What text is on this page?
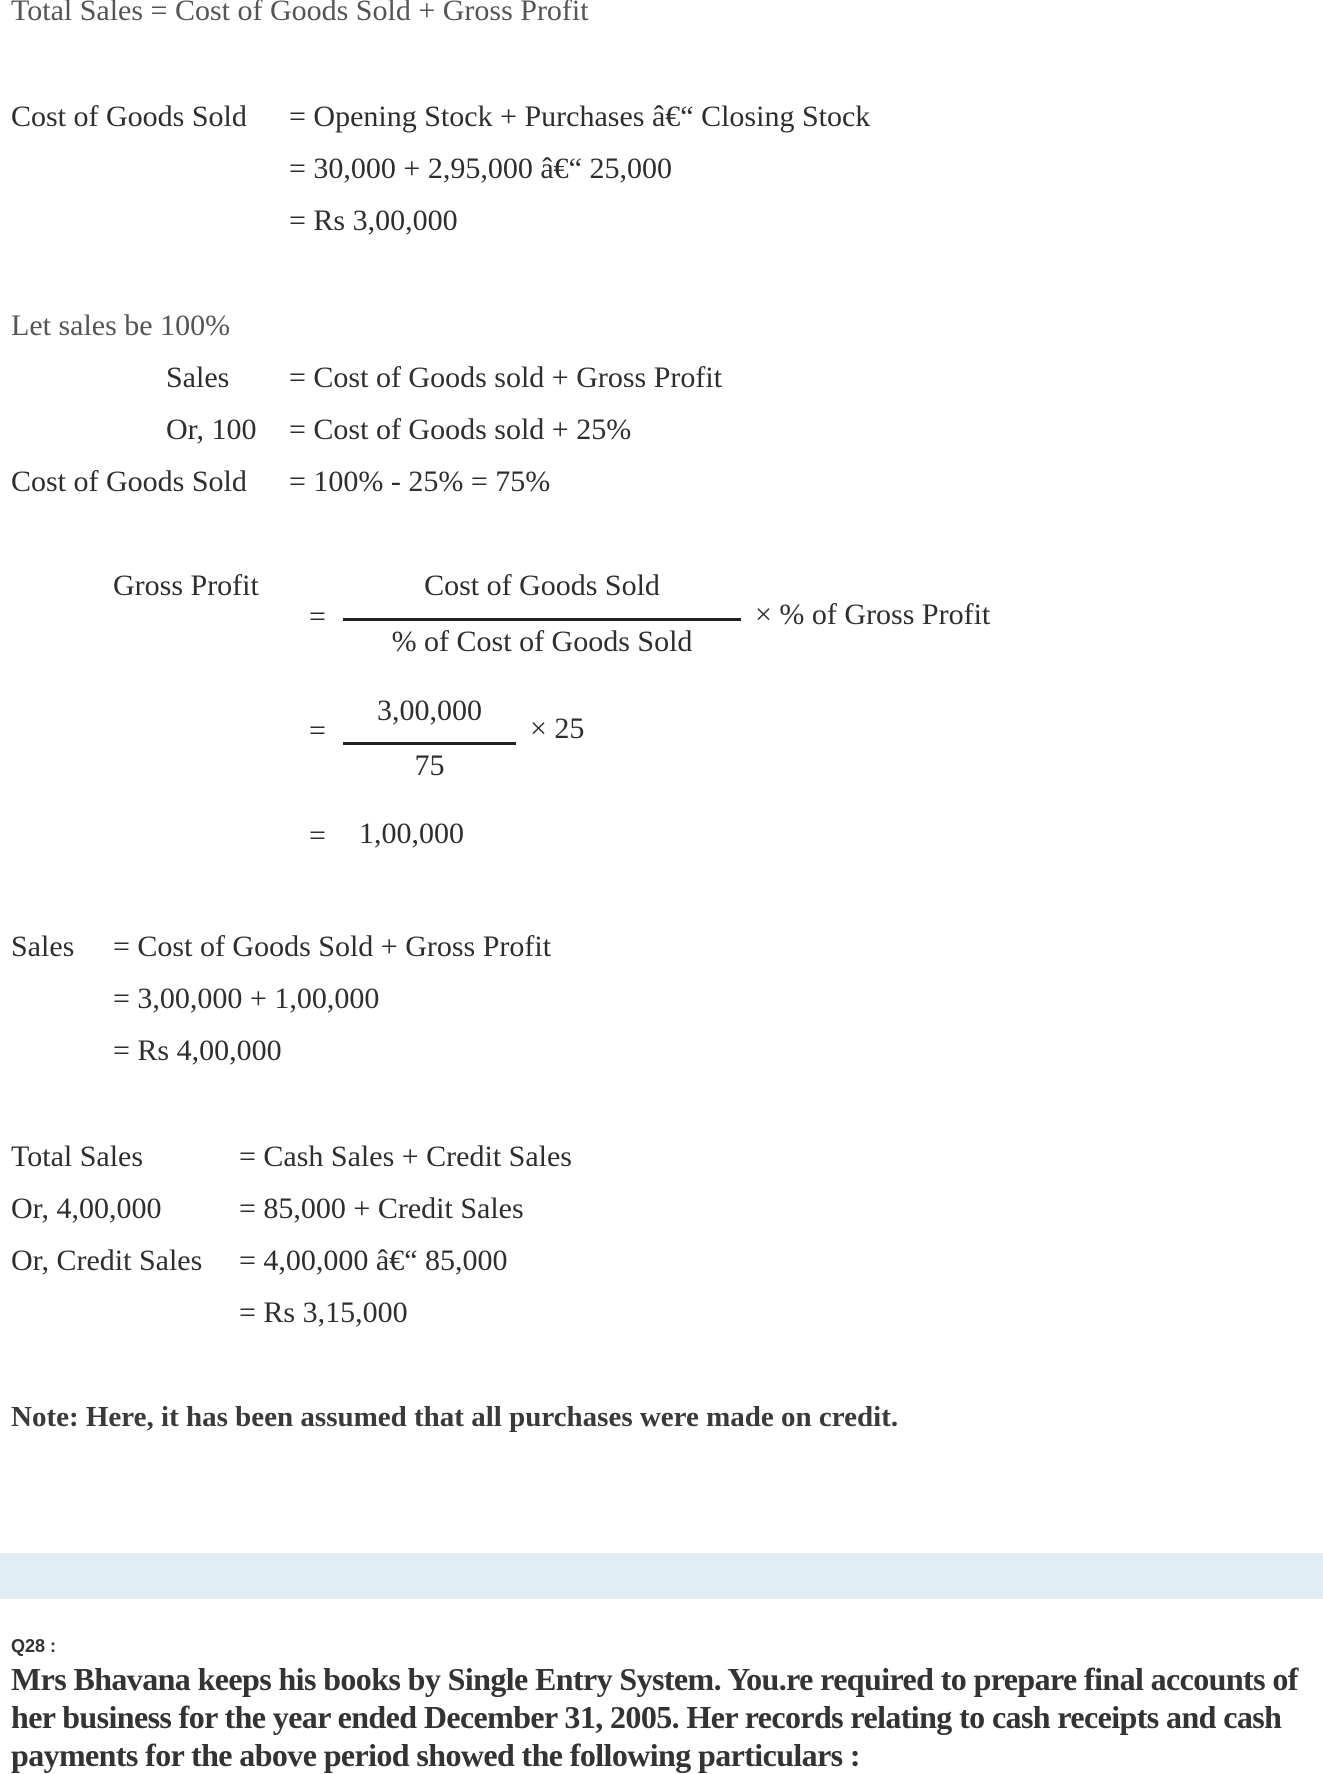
Total Sales = Cost of Goods Sold + Gross Profit
Cost of Goods Sold = Opening Stock + Purchases â€“ Closing Stock
= 30,000 + 2,95,000 â€“ 25,000
= Rs 3,00,000
Let sales be 100%
Sales = Cost of Goods sold + Gross Profit
Or, 100 = Cost of Goods sold + 25%
Cost of Goods Sold = 100% - 25% = 75%
Gross Profit
=
Cost of Goods Sold
% of Cost of Goods Sold
× % of Gross Profit
=
3,00,000
75
× 25
= 1,00,000
Sales = Cost of Goods Sold + Gross Profit
= 3,00,000 + 1,00,000
= Rs 4,00,000
Total Sales	= Cash Sales + Credit Sales
Or, 4,00,000	= 85,000 + Credit Sales
Or, Credit Sales = 4,00,000 â€“ 85,000
= Rs 3,15,000
Note: Here, it has been assumed that all purchases were made on credit.
Q28 :
Mrs Bhavana keeps his books by Single Entry System. You.re required to prepare final accounts of her business for the year ended December 31, 2005. Her records relating to cash receipts and cash payments for the above period showed the following particulars :
